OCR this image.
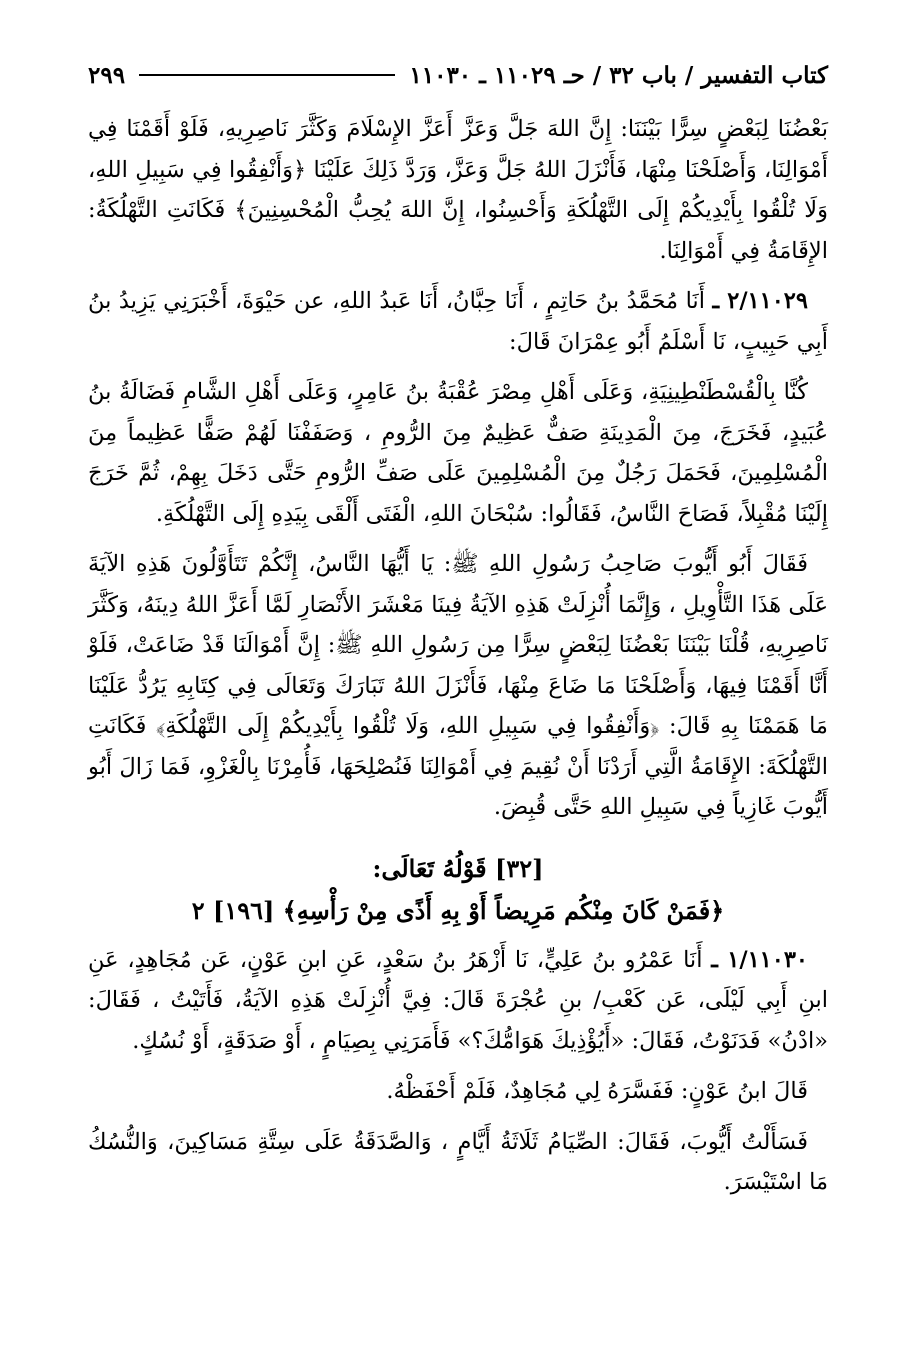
كتاب التفسير / باب ٣٢ / حـ ١١٠٢٩ ـ ١١٠٣٠
٢٩٩

بَعْضُنَا لِبَعْضٍ سِرًّا بَيْنَنَا: إِنَّ اللهَ جَلَّ وَعَزَّ أَعَزَّ الإِسْلَامَ وَكَثَّرَ نَاصِرِيهِ، فَلَوْ أَقَمْنَا فِي أَمْوَالِنَا، وَأَصْلَحْنَا مِنْهَا، فَأَنْزَلَ اللهُ جَلَّ وَعَزَّ، وَرَدَّ ذَلِكَ عَلَيْنَا ﴿وَأَنْفِقُوا فِي سَبِيلِ اللهِ، وَلَا تُلْقُوا بِأَيْدِيكُمْ إِلَى التَّهْلُكَةِ وَأَحْسِنُوا، إِنَّ اللهَ يُحِبُّ الْمُحْسِنِينَ﴾ فَكَانَتِ التَّهْلُكَةُ: الإِقَامَةُ فِي أَمْوَالِنَا.

٢/١١٠٢٩ ـ أَنَا مُحَمَّدُ بنُ حَاتِمٍ ، أَنَا حِبَّانُ، أَنَا عَبدُ اللهِ، عن حَيْوَةَ، أَخْبَرَنِي يَزِيدُ بنُ أَبِي حَبِيبٍ، نَا أَسْلَمُ أَبُو عِمْرَانَ قَالَ:

كُنَّا بِالْقُسْطَنْطِينِيَةِ، وَعَلَى أَهْلِ مِصْرَ عُقْبَةُ بنُ عَامِرٍ، وَعَلَى أَهْلِ الشَّامِ فَضَالَةُ بنُ عُبَيدٍ، فَخَرَجَ، مِنَ الْمَدِينَةِ صَفٌّ عَظِيمٌ مِنَ الرُّومِ ، وَصَفَفْنَا لَهُمْ صَفًّا عَظِيماً مِنَ الْمُسْلِمِينَ، فَحَمَلَ رَجُلٌ مِنَ الْمُسْلِمِينَ عَلَى صَفِّ الرُّومِ حَتَّى دَخَلَ بِهِمْ، ثُمَّ خَرَجَ إِلَيْنَا مُقْبِلاً، فَصَاحَ النَّاسُ، فَقَالُوا: سُبْحَانَ اللهِ، الْفَتَى أَلْقَى بِيَدِهِ إِلَى التَّهْلُكَةِ.

فَقَالَ أَبُو أَيُّوبَ صَاحِبُ رَسُولِ اللهِ ﷺ: يَا أَيُّهَا النَّاسُ، إِنَّكُمْ تَتَأَوَّلُونَ هَذِهِ الآيَةَ عَلَى هَذَا التَّأْوِيلِ ، وَإِنَّمَا أُنْزِلَتْ هَذِهِ الآيَةُ فِينَا مَعْشَرَ الأَنْصَارِ لَمَّا أَعَزَّ اللهُ دِينَهُ، وَكَثَّرَ نَاصِرِيهِ، قُلْنَا بَيْنَنَا بَعْضُنَا لِبَعْضٍ سِرًّا مِن رَسُولِ اللهِ ﷺ: إِنَّ أَمْوَالَنَا قَدْ ضَاعَتْ، فَلَوْ أَنَّا أَقَمْنَا فِيهَا، وَأَصْلَحْنَا مَا ضَاعَ مِنْهَا، فَأَنْزَلَ اللهُ تَبَارَكَ وَتَعَالَى فِي كِتَابِهِ يَرُدُّ عَلَيْنَا مَا هَمَمْنَا بِهِ قَالَ: ﴿وَأَنْفِقُوا فِي سَبِيلِ اللهِ، وَلَا تُلْقُوا بِأَيْدِيكُمْ إِلَى التَّهْلُكَةِ﴾ فَكَانَتِ التَّهْلُكَةَ: الإِقَامَةُ الَّتِي أَرَدْنَا أَنْ نُقِيمَ فِي أَمْوَالِنَا فَنُصْلِحَهَا، فَأُمِرْنَا بِالْغَزْوِ، فَمَا زَالَ أَبُو أَيُّوبَ غَازِياً فِي سَبِيلِ اللهِ حَتَّى قُبِضَ.

[٣٢] قَوْلُهُ تَعَالَى:
﴿فَمَنْ كَانَ مِنْكُم مَرِيضاً أَوْ بِهِ أَذًى مِنْ رَأْسِهِ﴾ [١٩٦] ٢

١/١١٠٣٠ ـ أَنَا عَمْرُو بنُ عَلِيٍّ، نَا أَزْهَرُ بنُ سَعْدٍ، عَنِ ابنِ عَوْنٍ، عَن مُجَاهِدٍ، عَنِ ابنِ أَبِي لَيْلَى، عَن كَعْبِ/ بنِ عُجْرَةَ قَالَ: فِيَّ أُنْزِلَتْ هَذِهِ الآيَةُ، فَأَتَيْتُ ، فَقَالَ: «ادْنُ» فَدَنَوْتُ، فَقَالَ: «أَيُؤْذِيكَ هَوَامُّكَ؟» فَأَمَرَنِي بِصِيَامٍ ، أَوْ صَدَقَةٍ، أَوْ نُسُكٍ.

قَالَ ابنُ عَوْنٍ: فَفَسَّرَهُ لِي مُجَاهِدٌ، فَلَمْ أَحْفَظْهُ.

فَسَأَلْتُ أَيُّوبَ، فَقَالَ: الصِّيَامُ ثَلَاثَةُ أَيَّامٍ ، وَالصَّدَقَةُ عَلَى سِتَّةِ مَسَاكِينَ، وَالنُّسُكُ مَا اسْتَيْسَرَ.
